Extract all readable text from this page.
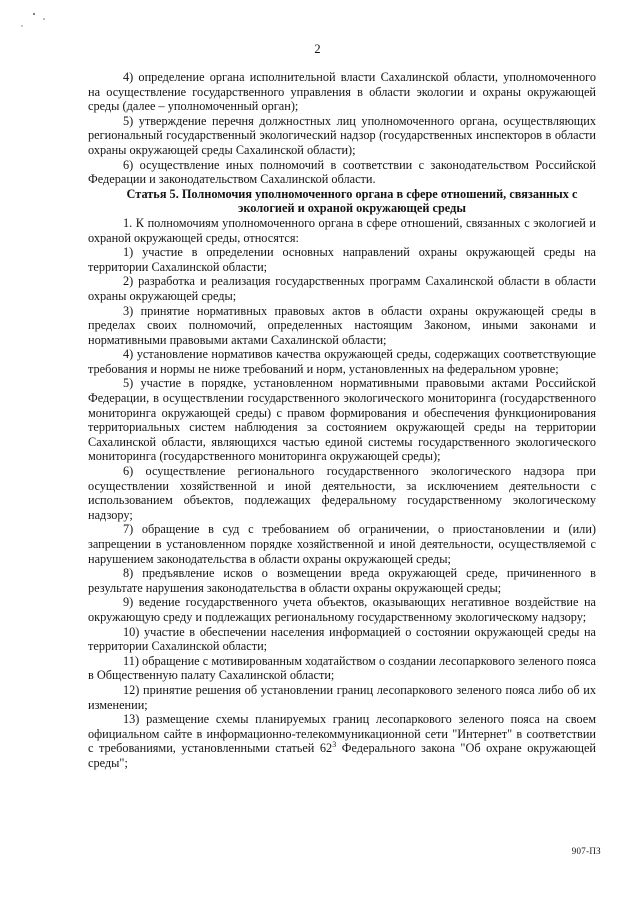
2

4) определение органа исполнительной власти Сахалинской области, уполномоченного на осуществление государственного управления в области экологии и охраны окружающей среды (далее – уполномоченный орган);

5) утверждение перечня должностных лиц уполномоченного органа, осуществляющих региональный государственный экологический надзор (государственных инспекторов в области охраны окружающей среды Сахалинской области);

6) осуществление иных полномочий в соответствии с законодательством Российской Федерации и законодательством Сахалинской области.

Статья 5. Полномочия уполномоченного органа в сфере отношений, связанных с экологией и охраной окружающей среды

1. К полномочиям уполномоченного органа в сфере отношений, связанных с экологией и охраной окружающей среды, относятся:

1) участие в определении основных направлений охраны окружающей среды на территории Сахалинской области;

2) разработка и реализация государственных программ Сахалинской области в области охраны окружающей среды;

3) принятие нормативных правовых актов в области охраны окружающей среды в пределах своих полномочий, определенных настоящим Законом, иными законами и нормативными правовыми актами Сахалинской области;

4) установление нормативов качества окружающей среды, содержащих соответствующие требования и нормы не ниже требований и норм, установленных на федеральном уровне;

5) участие в порядке, установленном нормативными правовыми актами Российской Федерации, в осуществлении государственного экологического мониторинга (государственного мониторинга окружающей среды) с правом формирования и обеспечения функционирования территориальных систем наблюдения за состоянием окружающей среды на территории Сахалинской области, являющихся частью единой системы государственного экологического мониторинга (государственного мониторинга окружающей среды);

6) осуществление регионального государственного экологического надзора при осуществлении хозяйственной и иной деятельности, за исключением деятельности с использованием объектов, подлежащих федеральному государственному экологическому надзору;

7) обращение в суд с требованием об ограничении, о приостановлении и (или) запрещении в установленном порядке хозяйственной и иной деятельности, осуществляемой с нарушением законодательства в области охраны окружающей среды;

8) предъявление исков о возмещении вреда окружающей среде, причиненного в результате нарушения законодательства в области охраны окружающей среды;

9) ведение государственного учета объектов, оказывающих негативное воздействие на окружающую среду и подлежащих региональному государственному экологическому надзору;

10) участие в обеспечении населения информацией о состоянии окружающей среды на территории Сахалинской области;

11) обращение с мотивированным ходатайством о создании лесопаркового зеленого пояса в Общественную палату Сахалинской области;

12) принятие решения об установлении границ лесопаркового зеленого пояса либо об их изменении;

13) размещение схемы планируемых границ лесопаркового зеленого пояса на своем официальном сайте в информационно-телекоммуникационной сети "Интернет" в соответствии с требованиями, установленными статьей $62^3$ Федерального закона "Об охране окружающей среды";

907-ПЗ
